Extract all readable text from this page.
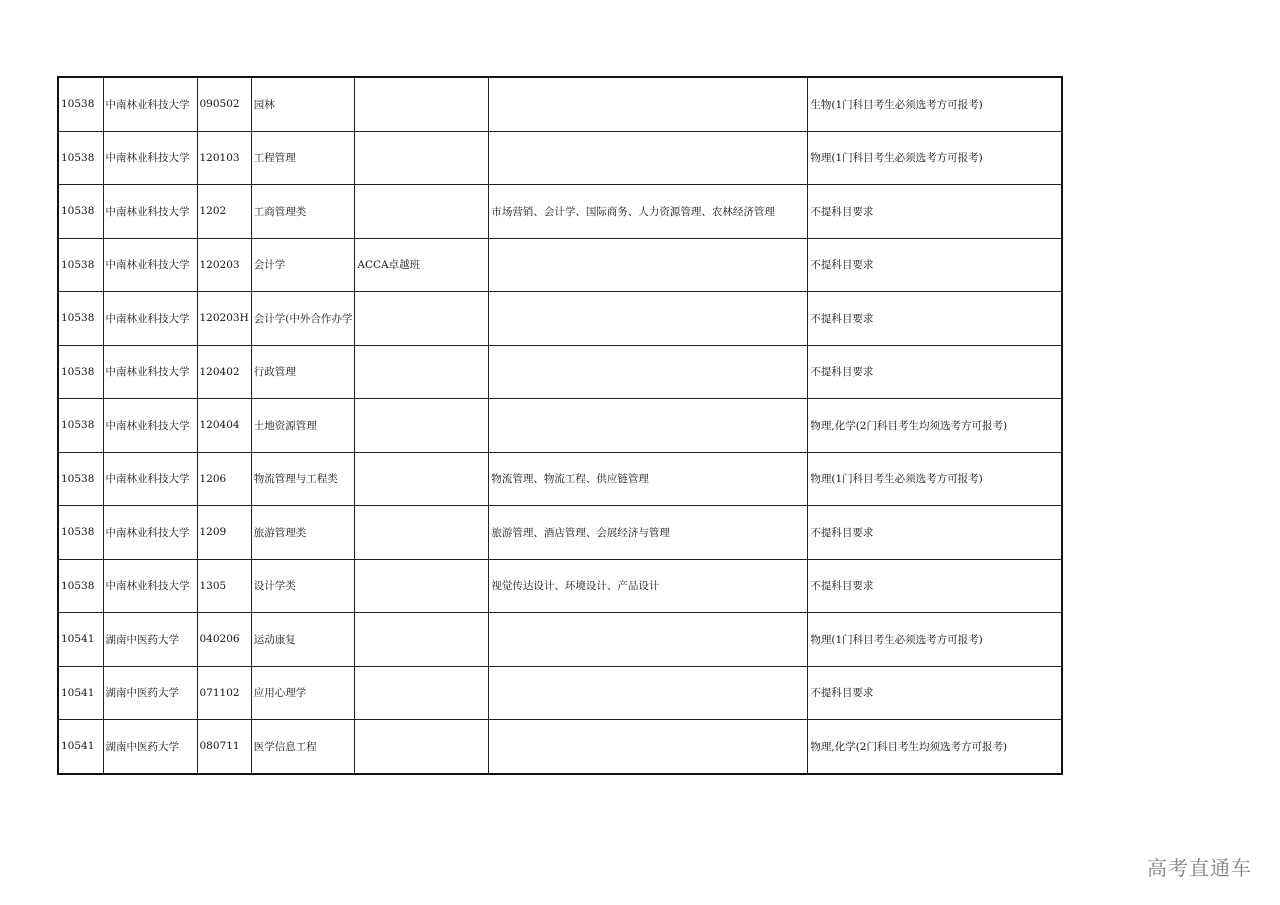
10538	中南林业科技大学	090502	园林			生物(1门科目考生必须选考方可报考)
10538	中南林业科技大学	120103	工程管理			物理(1门科目考生必须选考方可报考)
10538	中南林业科技大学	1202	工商管理类		市场营销、会计学、国际商务、人力资源管理、农林经济管理	不提科目要求
10538	中南林业科技大学	120203	会计学	ACCA卓越班		不提科目要求
10538	中南林业科技大学	120203H	会计学(中外合作办学			不提科目要求
10538	中南林业科技大学	120402	行政管理			不提科目要求
10538	中南林业科技大学	120404	土地资源管理			物理,化学(2门科目考生均须选考方可报考)
10538	中南林业科技大学	1206	物流管理与工程类		物流管理、物流工程、供应链管理	物理(1门科目考生必须选考方可报考)
10538	中南林业科技大学	1209	旅游管理类		旅游管理、酒店管理、会展经济与管理	不提科目要求
10538	中南林业科技大学	1305	设计学类		视觉传达设计、环境设计、产品设计	不提科目要求
10541	湖南中医药大学	040206	运动康复			物理(1门科目考生必须选考方可报考)
10541	湖南中医药大学	071102	应用心理学			不提科目要求
10541	湖南中医药大学	080711	医学信息工程			物理,化学(2门科目考生均须选考方可报考)
高考直通车
